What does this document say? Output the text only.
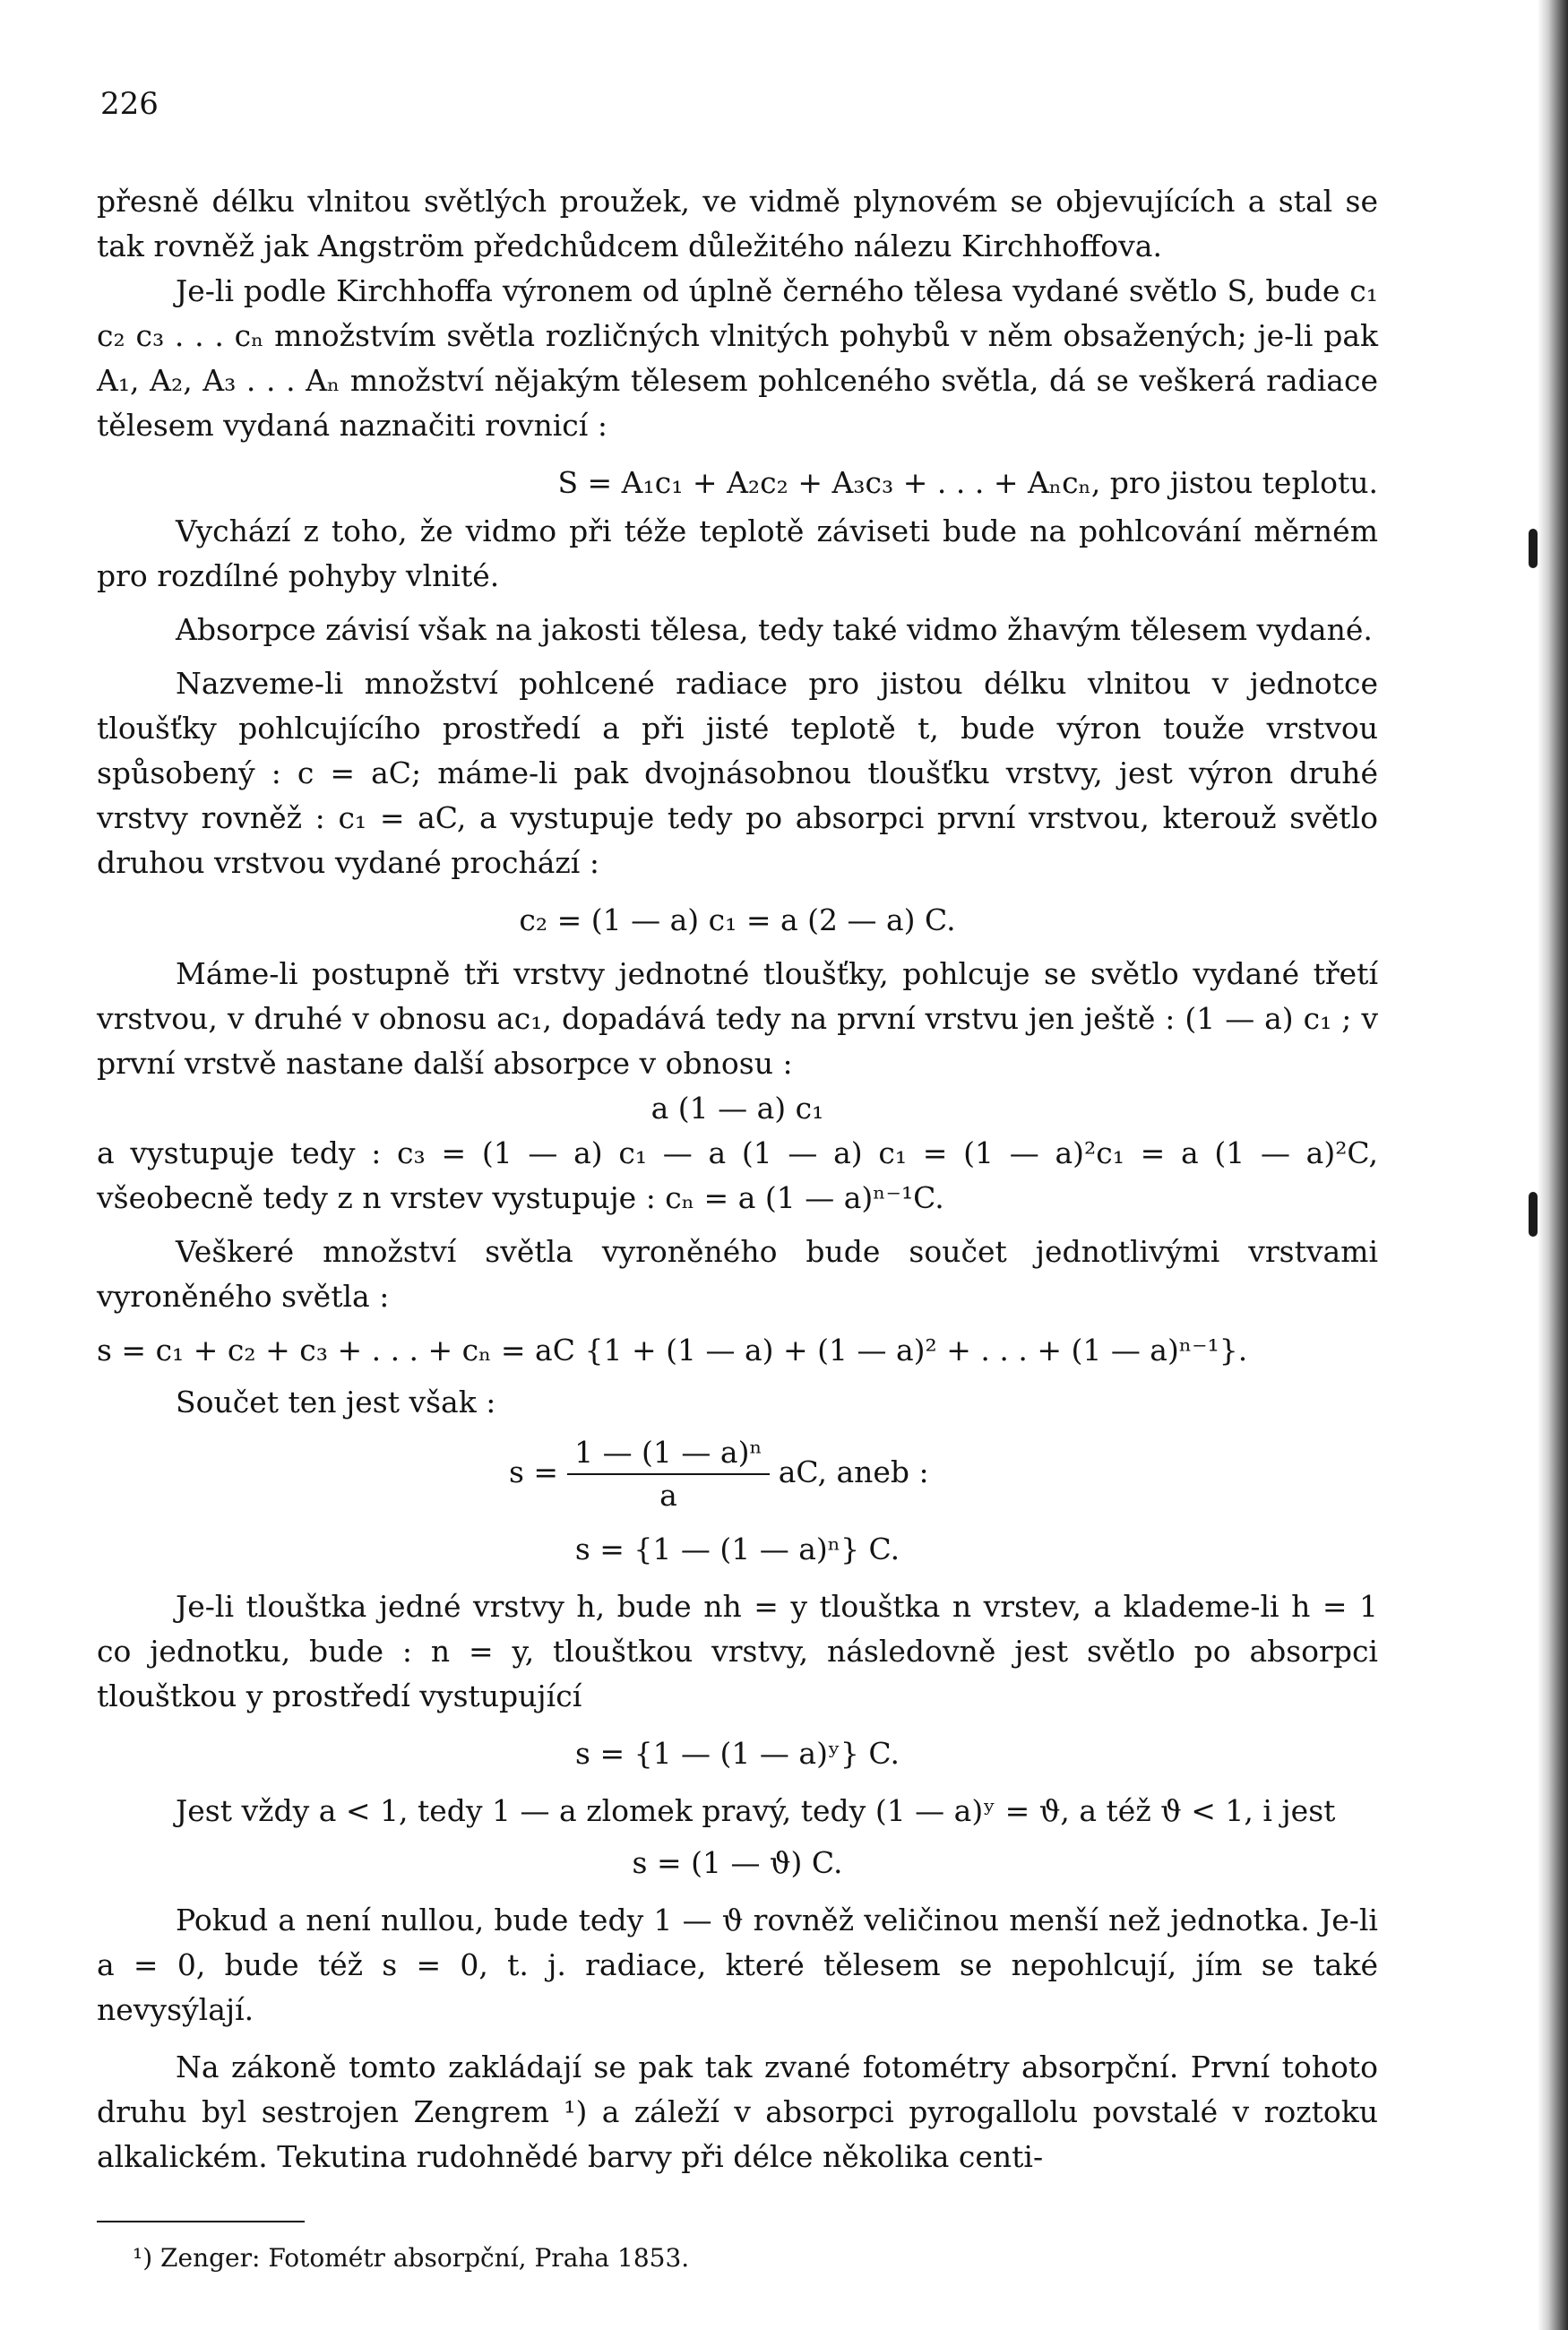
226

přesně délku vlnitou světlých proužek, ve vidmě plynovém se objevujících a stal se tak rovněž jak Angström předchůdcem důležitého nálezu Kirchhoffova.

Je-li podle Kirchhoffa výronem od úplně černého tělesa vydané světlo S, bude c₁ c₂ c₃ . . . cₙ množstvím světla rozličných vlnitých pohybů v něm obsažených; je-li pak A₁, A₂, A₃ . . . Aₙ množství nějakým tělesem pohlceného světla, dá se veškerá radiace tělesem vydaná naznačiti rovnicí :

S = A₁c₁ + A₂c₂ + A₃c₃ + . . . + Aₙcₙ, pro jistou teplotu.

Vychází z toho, že vidmo při téže teplotě záviseti bude na pohlcování měrném pro rozdílné pohyby vlnité.

Absorpce závisí však na jakosti tělesa, tedy také vidmo žhavým tělesem vydané.

Nazveme-li množství pohlcené radiace pro jistou délku vlnitou v jednotce tloušťky pohlcujícího prostředí a při jisté teplotě t, bude výron touže vrstvou spůsobený : c = aC; máme-li pak dvojnásobnou tloušťku vrstvy, jest výron druhé vrstvy rovněž : c₁ = aC, a vystupuje tedy po absorpci první vrstvou, kterouž světlo druhou vrstvou vydané prochází :

c₂ = (1 — a) c₁ = a (2 — a) C.

Máme-li postupně tři vrstvy jednotné tloušťky, pohlcuje se světlo vydané třetí vrstvou, v druhé v obnosu ac₁, dopadává tedy na první vrstvu jen ještě : (1 — a) c₁ ; v první vrstvě nastane další absorpce v obnosu :

a (1 — a) c₁

a vystupuje tedy : c₃ = (1 — a) c₁ — a (1 — a) c₁ = (1 — a)²c₁ = a (1 — a)²C, všeobecně tedy z n vrstev vystupuje : cₙ = a (1 — a)ⁿ⁻¹C.

Veškeré množství světla vyroněného bude součet jednotlivými vrstvami vyroněného světla :

s = c₁ + c₂ + c₃ + . . . + cₙ = aC {1 + (1 — a) + (1 — a)² + . . . + (1 — a)ⁿ⁻¹}.

Součet ten jest však :

$s = \frac{\text{1 — (1 — a)ⁿ}}{a}$ aC, aneb :
s = {1 — (1 — a)ⁿ} C.

Je-li tlouštka jedné vrstvy h, bude nh = y tlouštka n vrstev, a klademe-li h = 1 co jednotku, bude : n = y, tlouštkou vrstvy, následovně jest světlo po absorpci tlouštkou y prostředí vystupující

s = {1 — (1 — a)ʸ} C.

Jest vždy a < 1, tedy 1 — a zlomek pravý, tedy (1 — a)ʸ = ϑ, a též ϑ < 1, i jest

s = (1 — ϑ) C.

Pokud a není nullou, bude tedy 1 — ϑ rovněž veličinou menší než jednotka. Je-li a = 0, bude též s = 0, t. j. radiace, které tělesem se nepohlcují, jím se také nevysýlají.

Na zákoně tomto zakládají se pak tak zvané fotométry absorpční. První tohoto druhu byl sestrojen Zengrem ¹) a záleží v absorpci pyrogallolu povstalé v roztoku alkalickém. Tekutina rudohnědé barvy při délce několika centi-

¹) Zenger: Fotométr absorpční, Praha 1853.
